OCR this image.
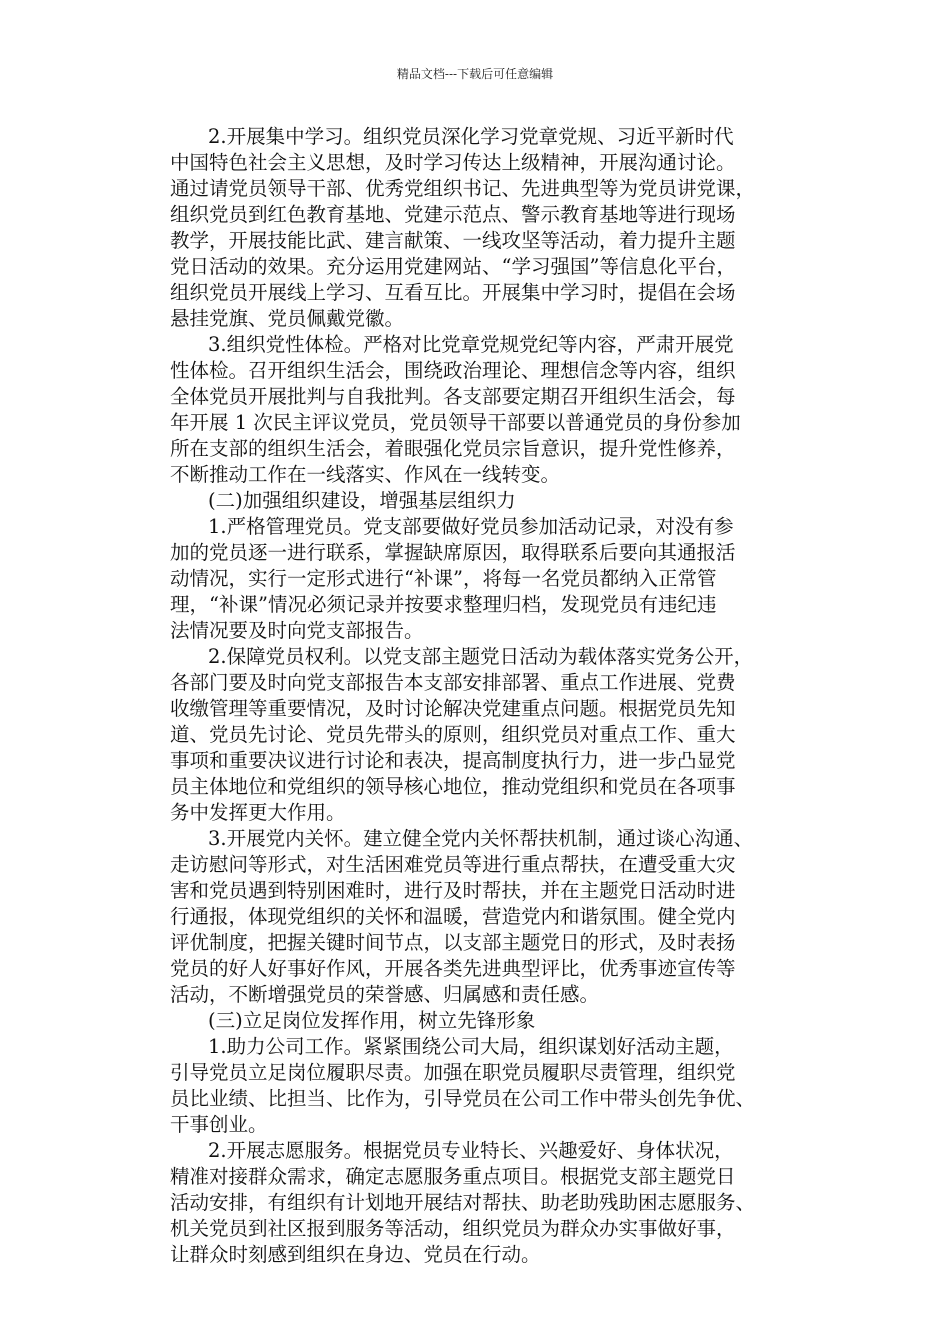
精品文档---下载后可任意编辑
2.开展集中学习。组织党员深化学习党章党规、习近平新时代
中国特色社会主义思想，及时学习传达上级精神，开展沟通讨论。
通过请党员领导干部、优秀党组织书记、先进典型等为党员讲党课，
组织党员到红色教育基地、党建示范点、警示教育基地等进行现场
教学，开展技能比武、建言献策、一线攻坚等活动，着力提升主题
党日活动的效果。充分运用党建网站、“学习强国”等信息化平台，
组织党员开展线上学习、互看互比。开展集中学习时，提倡在会场
悬挂党旗、党员佩戴党徽。
3.组织党性体检。严格对比党章党规党纪等内容，严肃开展党
性体检。召开组织生活会，围绕政治理论、理想信念等内容，组织
全体党员开展批判与自我批判。各支部要定期召开组织生活会，每
年开展 1 次民主评议党员，党员领导干部要以普通党员的身份参加
所在支部的组织生活会，着眼强化党员宗旨意识，提升党性修养，
不断推动工作在一线落实、作风在一线转变。
(二)加强组织建设，增强基层组织力
1.严格管理党员。党支部要做好党员参加活动记录，对没有参
加的党员逐一进行联系，掌握缺席原因，取得联系后要向其通报活
动情况，实行一定形式进行“补课”，将每一名党员都纳入正常管
理，“补课”情况必须记录并按要求整理归档，发现党员有违纪违
法情况要及时向党支部报告。
2.保障党员权利。以党支部主题党日活动为载体落实党务公开，
各部门要及时向党支部报告本支部安排部署、重点工作进展、党费
收缴管理等重要情况，及时讨论解决党建重点问题。根据党员先知
道、党员先讨论、党员先带头的原则，组织党员对重点工作、重大
事项和重要决议进行讨论和表决，提高制度执行力，进一步凸显党
员主体地位和党组织的领导核心地位，推动党组织和党员在各项事
务中发挥更大作用。
3.开展党内关怀。建立健全党内关怀帮扶机制，通过谈心沟通、
走访慰问等形式，对生活困难党员等进行重点帮扶，在遭受重大灾
害和党员遇到特别困难时，进行及时帮扶，并在主题党日活动时进
行通报，体现党组织的关怀和温暖，营造党内和谐氛围。健全党内
评优制度，把握关键时间节点，以支部主题党日的形式，及时表扬
党员的好人好事好作风，开展各类先进典型评比，优秀事迹宣传等
活动，不断增强党员的荣誉感、归属感和责任感。
(三)立足岗位发挥作用，树立先锋形象
1.助力公司工作。紧紧围绕公司大局，组织谋划好活动主题，
引导党员立足岗位履职尽责。加强在职党员履职尽责管理，组织党
员比业绩、比担当、比作为，引导党员在公司工作中带头创先争优、
干事创业。
2.开展志愿服务。根据党员专业特长、兴趣爱好、身体状况，
精准对接群众需求，确定志愿服务重点项目。根据党支部主题党日
活动安排，有组织有计划地开展结对帮扶、助老助残助困志愿服务、
机关党员到社区报到服务等活动，组织党员为群众办实事做好事，
让群众时刻感到组织在身边、党员在行动。
